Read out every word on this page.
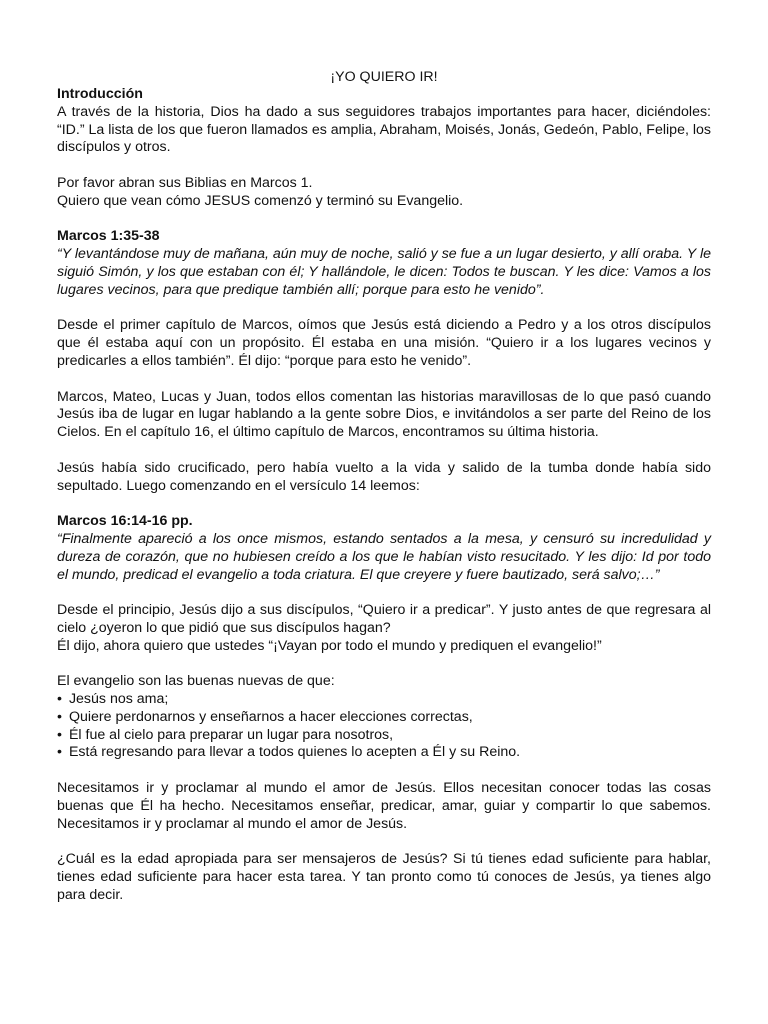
¡YO QUIERO IR!
Introducción

A través de la historia, Dios ha dado a sus seguidores trabajos importantes para hacer, diciéndoles: “ID.” La lista de los que fueron llamados es amplia, Abraham, Moisés, Jonás, Gedeón, Pablo, Felipe, los discípulos y otros.

Por favor abran sus Biblias en Marcos 1.

Quiero que vean cómo JESUS comenzó y terminó su Evangelio.

Marcos 1:35-38

“Y levantándose muy de mañana, aún muy de noche, salió y se fue a un lugar desierto, y allí oraba. Y le siguió Simón, y los que estaban con él; Y hallándole, le dicen: Todos te buscan. Y les dice: Vamos a los lugares vecinos, para que predique también allí; porque para esto he venido”.

Desde el primer capítulo de Marcos, oímos que Jesús está diciendo a Pedro y a los otros discípulos que él estaba aquí con un propósito. Él estaba en una misión. “Quiero ir a los lugares vecinos y predicarles a ellos también”. Él dijo: “porque para esto he venido”.

Marcos, Mateo, Lucas y Juan, todos ellos comentan las historias maravillosas de lo que pasó cuando Jesús iba de lugar en lugar hablando a la gente sobre Dios, e invitándolos a ser parte del Reino de los Cielos. En el capítulo 16, el último capítulo de Marcos, encontramos su última historia.

Jesús había sido crucificado, pero había vuelto a la vida y salido de la tumba donde había sido sepultado. Luego comenzando en el versículo 14 leemos:

Marcos 16:14-16 pp.

“Finalmente apareció a los once mismos, estando sentados a la mesa, y censuró su incredulidad y dureza de corazón, que no hubiesen creído a los que le habían visto resucitado. Y les dijo: Id por todo el mundo, predicad el evangelio a toda criatura. El que creyere y fuere bautizado, será salvo;…”

Desde el principio, Jesús dijo a sus discípulos, “Quiero ir a predicar”. Y justo antes de que regresara al cielo ¿oyeron lo que pidió que sus discípulos hagan?

Él dijo, ahora quiero que ustedes “¡Vayan por todo el mundo y prediquen el evangelio!”

El evangelio son las buenas nuevas de que:

• Jesús nos ama;
• Quiere perdonarnos y enseñarnos a hacer elecciones correctas,
• Él fue al cielo para preparar un lugar para nosotros,
• Está regresando para llevar a todos quienes lo acepten a Él y su Reino.

Necesitamos ir y proclamar al mundo el amor de Jesús. Ellos necesitan conocer todas las cosas buenas que Él ha hecho. Necesitamos enseñar, predicar, amar, guiar y compartir lo que sabemos. Necesitamos ir y proclamar al mundo el amor de Jesús.

¿Cuál es la edad apropiada para ser mensajeros de Jesús? Si tú tienes edad suficiente para hablar, tienes edad suficiente para hacer esta tarea. Y tan pronto como tú conoces de Jesús, ya tienes algo para decir.
